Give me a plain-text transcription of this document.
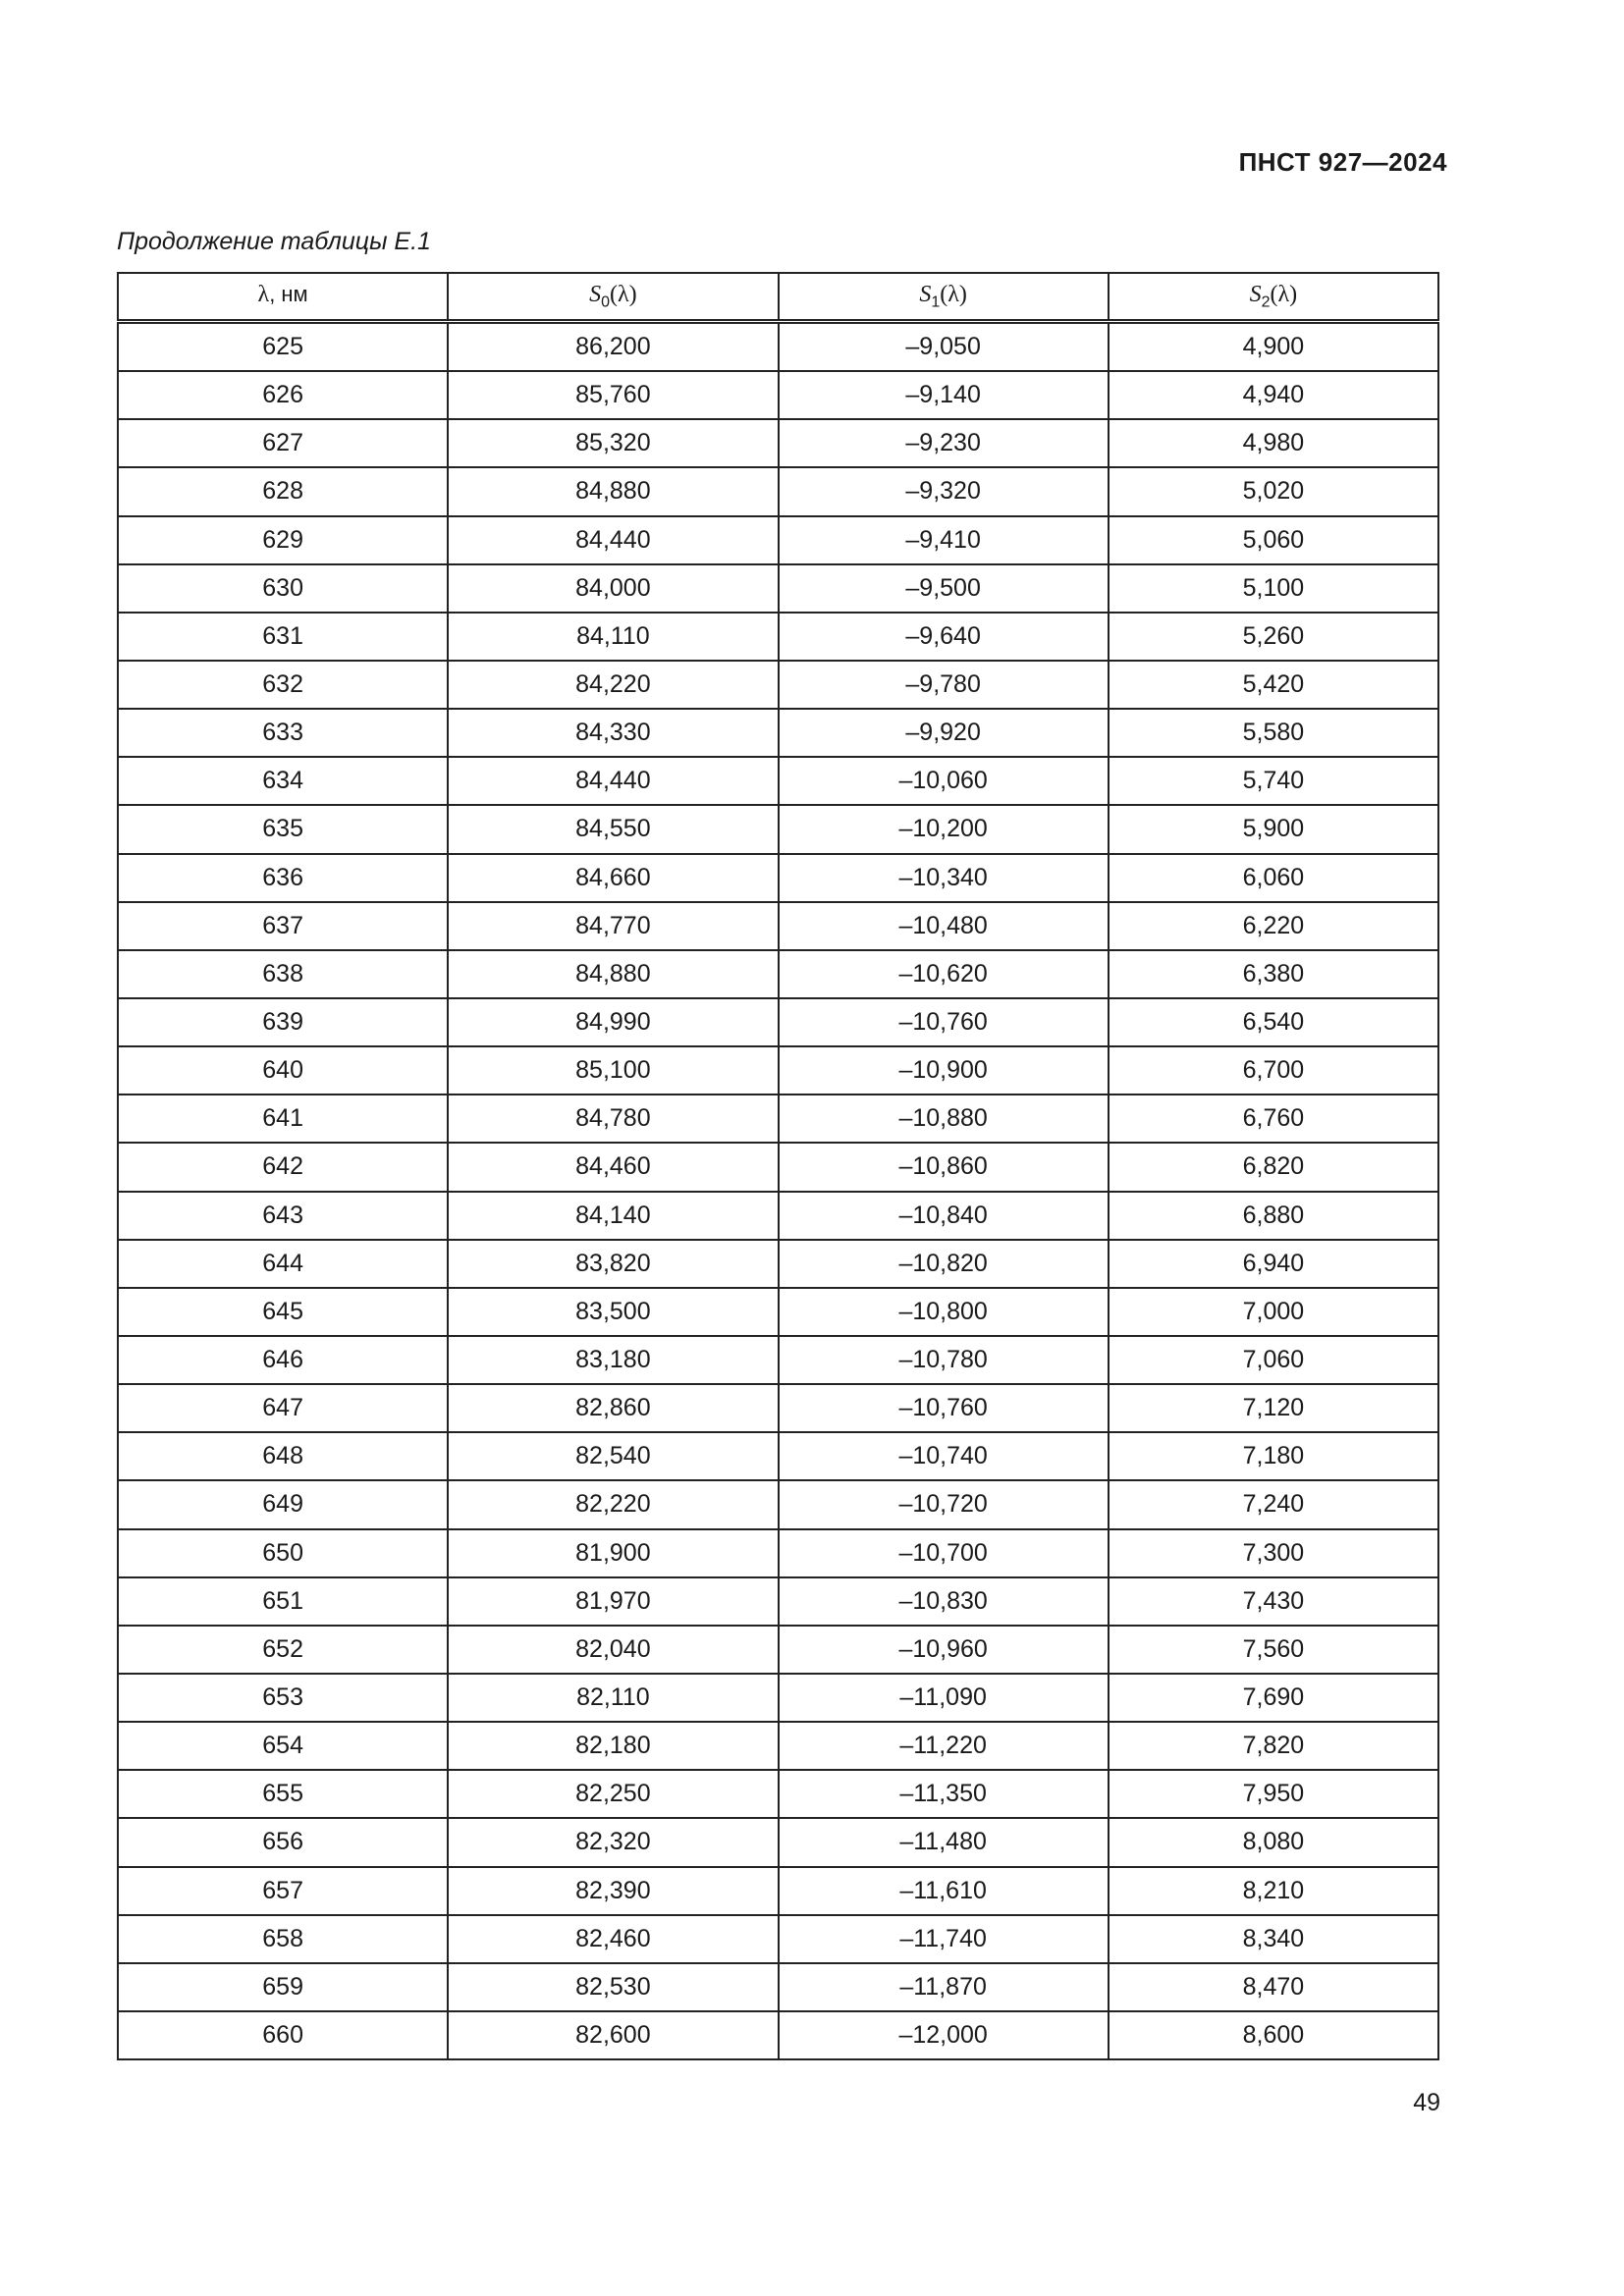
ПНСТ 927—2024

Продолжение таблицы Е.1

λ, нм	$S_0(\lambda)$	$S_1(\lambda)$	$S_2(\lambda)$
625	86,200	–9,050	4,900
626	85,760	–9,140	4,940
627	85,320	–9,230	4,980
628	84,880	–9,320	5,020
629	84,440	–9,410	5,060
630	84,000	–9,500	5,100
631	84,110	–9,640	5,260
632	84,220	–9,780	5,420
633	84,330	–9,920	5,580
634	84,440	–10,060	5,740
635	84,550	–10,200	5,900
636	84,660	–10,340	6,060
637	84,770	–10,480	6,220
638	84,880	–10,620	6,380
639	84,990	–10,760	6,540
640	85,100	–10,900	6,700
641	84,780	–10,880	6,760
642	84,460	–10,860	6,820
643	84,140	–10,840	6,880
644	83,820	–10,820	6,940
645	83,500	–10,800	7,000
646	83,180	–10,780	7,060
647	82,860	–10,760	7,120
648	82,540	–10,740	7,180
649	82,220	–10,720	7,240
650	81,900	–10,700	7,300
651	81,970	–10,830	7,430
652	82,040	–10,960	7,560
653	82,110	–11,090	7,690
654	82,180	–11,220	7,820
655	82,250	–11,350	7,950
656	82,320	–11,480	8,080
657	82,390	–11,610	8,210
658	82,460	–11,740	8,340
659	82,530	–11,870	8,470
660	82,600	–12,000	8,600

49
